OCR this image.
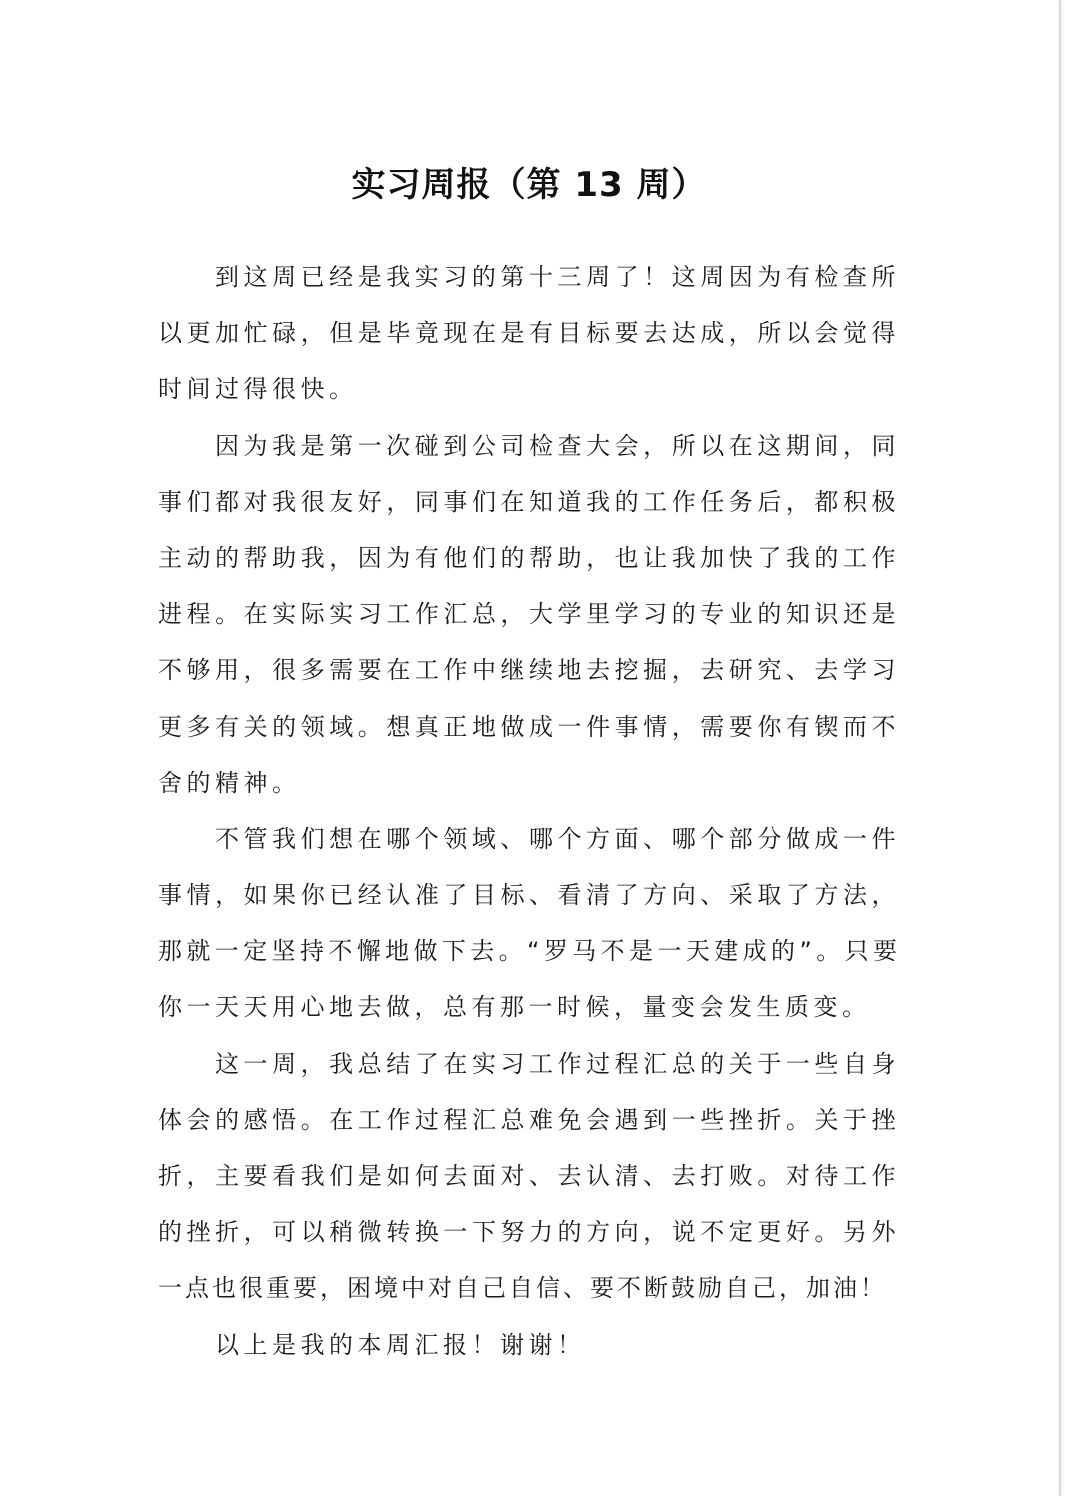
实习周报（第 13 周）
到这周已经是我实习的第十三周了！这周因为有检查所
以更加忙碌，但是毕竟现在是有目标要去达成，所以会觉得
时间过得很快。
因为我是第一次碰到公司检查大会，所以在这期间，同
事们都对我很友好，同事们在知道我的工作任务后，都积极
主动的帮助我，因为有他们的帮助，也让我加快了我的工作
进程。在实际实习工作汇总，大学里学习的专业的知识还是
不够用，很多需要在工作中继续地去挖掘，去研究、去学习
更多有关的领域。想真正地做成一件事情，需要你有锲而不
舍的精神。
不管我们想在哪个领域、哪个方面、哪个部分做成一件
事情，如果你已经认准了目标、看清了方向、采取了方法，
那就一定坚持不懈地做下去。“罗马不是一天建成的”。只要
你一天天用心地去做，总有那一时候，量变会发生质变。
这一周，我总结了在实习工作过程汇总的关于一些自身
体会的感悟。在工作过程汇总难免会遇到一些挫折。关于挫
折，主要看我们是如何去面对、去认清、去打败。对待工作
的挫折，可以稍微转换一下努力的方向，说不定更好。另外
一点也很重要，困境中对自己自信、要不断鼓励自己，加油！
以上是我的本周汇报！谢谢！
